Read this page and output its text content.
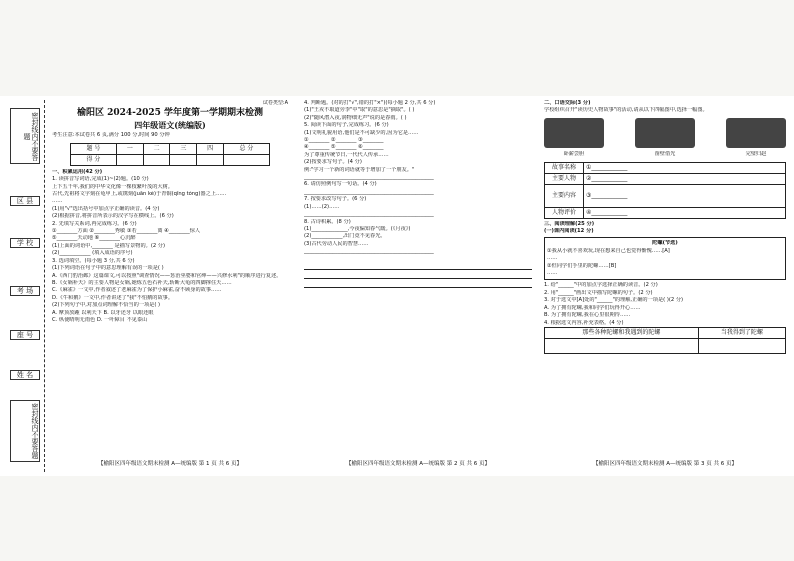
密封线内不要答题
区 县
学 校
考 场
座 号
姓 名
密封线内不要答题

试卷类型:A

榆阳区 2024-2025 学年度第一学期期末检测

四年级语文(统编版)

考生注意:本试卷共 6 页,满分 100 分,时间 90 分钟

题 号	一	二	三	四	总 分
得 分					

一、积累运用(42 分)

1. 读拼音写词语,完成(1)~(2)题。(10 分)

上下五千年,我们的中华文化像一棵枝繁叶茂的大树。

古代,先祖将文字刻在龟甲上,或镌刻(juān kè)于青铜(qīng tóng)器之上……

……

(1)用"√"选出括号中加点字正确的读音。(4 分)

(2)根据拼音,将拼音所表示的汉字写在横线上。(6 分)

2. 先填写关系词,再完成练习。(6 分)

①________方面 ②________秀敏 ③若________离 ④________惊人

⑤________天动地 ⑥________心沉醉

(1)上面的词语中,________ 是描写景物的。(2 分)

(2)____________ (填入成语的序号)

3. 选词填空。(每小题 3 分,共 6 分)

(1)下列词语在句子中的意思理解有误的一项是( )

A.《西门豹治邺》这篇课文,可以按照"调查情况——惩治巫婆和官绅——兴修水利"的顺序进行复述。

B.《女娲补天》的主要人物是女娲,她炼五色石补天,斩断大龟的四脚撑住天……

C.《麻雀》一文中,作者叙述了老麻雀为了保护小麻雀,奋不顾身的故事……

D.《牛和鹅》一文中,作者讲述了"我"不怕鹅的故事。

(2)下列句子中,对加点词理解不恰当的一项是( )

A. 摩顶放踵 以利天下 B. 以牙还牙 以眼还眼

C. 纵使晴明无雨色 D. 一叶障目 不见泰山

【榆阳区四年级语文期末检测 A—统编版 第 1 页 共 6 页】

4. 判断题。(对的打"√",错的打"×")(每小题 2 分,共 6 分)

(1)"王戎不取道旁李"中"取"的意思是"摘取"。( )

(2)"随风潜入夜,润物细无声"说的是春雨。( )

5. 阅读下面的句子,完成练习。(6 分)

(1)文明礼貌用语,他们是不可缺少的,因为它是……

①________ ②________ ③________

④________ ⑤________ ⑥________

为了尊重传统节日,一代代人传承……

(2)按要求写句子。(4 分)

例:"学习一个新的词语就等于增加了一个朋友。"

__________________________________________________

6. 请仿照例句写一句话。(4 分)

__________________________________________________

7. 按要求改写句子。(6 分)

(1)……(2)……

__________________________________________________

8. 古诗积累。(8 分)

(1)______________,今夜偏知春气暖。(《月夜》)

(2)____________,出门竟不见春光。

(3)古代劳动人民的智慧……

__________________________________________________

【榆阳区四年级语文期末检测 A—统编版 第 2 页 共 6 页】

二、口语交际(3 分)

学校组织召开"读历史人物故事"的活动,请从以下四幅图中,选择一幅图。

卧薪尝胆	凿壁借光	完璧归赵

故事名称	①____________
主要人物	②____________
主要内容	③____________
人物评价	④____________

三、阅读理解(25 分)

(一)课内阅读(12 分)

陀螺(节选)

①我从小就不喜欢玩,现在想来自己也觉得惭愧……[A]

……

②但同学们手里的陀螺……[B]

……

1. 给"______"中的加点字选择正确的读音。(2 分)

2. 用"______"画出文中描写陀螺的句子。(2 分)

3. 对于选文中[A]处的"______"的理解,正确的一项是( )(2 分)

A. 为了拥有陀螺,我和同学们玩得开心……

B. 为了拥有陀螺,我在心里很期待……

4. 根据选文内容,补充表格。(4 分)

那些各种陀螺和我遇到的陀螺	当我得到了陀螺

【榆阳区四年级语文期末检测 A—统编版 第 3 页 共 6 页】
